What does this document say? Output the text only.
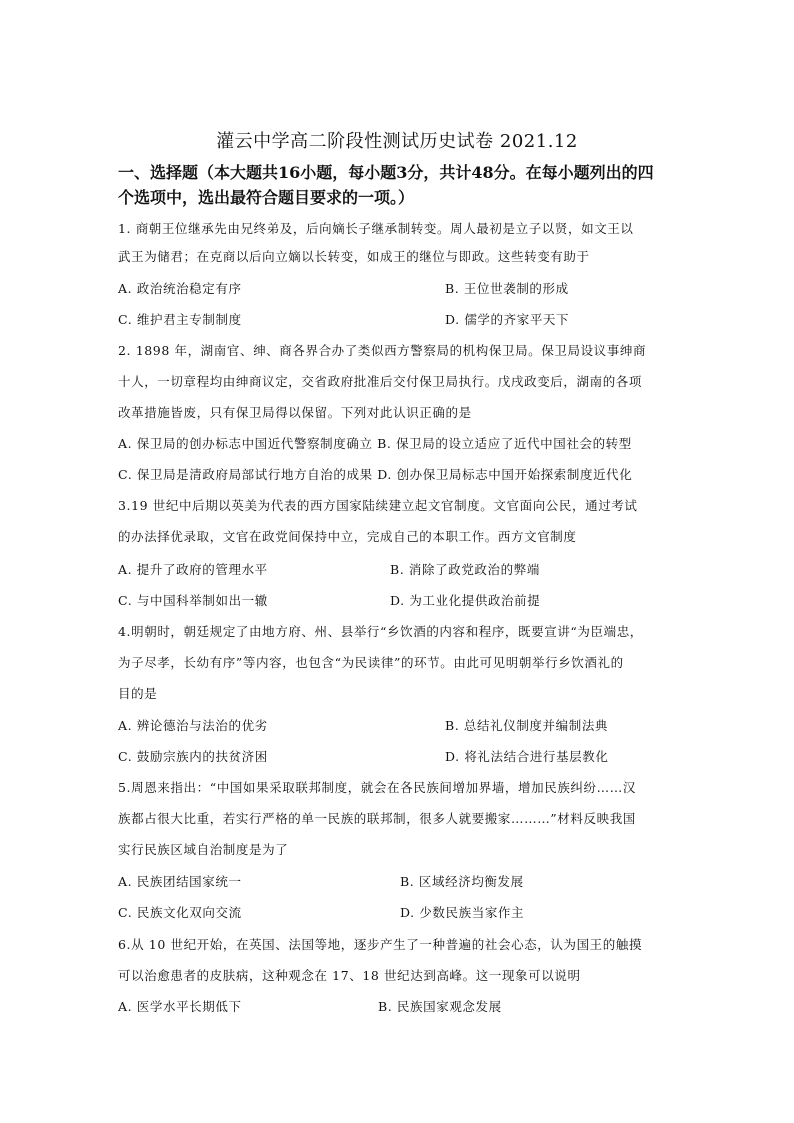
灌云中学高二阶段性测试历史试卷 2021.12
一、选择题（本大题共16小题，每小题3分，共计48分。在每小题列出的四
个选项中，选出最符合题目要求的一项。）
1. 商朝王位继承先由兄终弟及，后向嫡长子继承制转变。周人最初是立子以贤，如文王以
武王为储君；在克商以后向立嫡以长转变，如成王的继位与即政。这些转变有助于
A. 政治统治稳定有序	B. 王位世袭制的形成
C. 维护君主专制制度	D. 儒学的齐家平天下
2. 1898 年，湖南官、绅、商各界合办了类似西方警察局的机构保卫局。保卫局设议事绅商
十人，一切章程均由绅商议定，交省政府批准后交付保卫局执行。戊戌政变后，湖南的各项
改革措施皆废，只有保卫局得以保留。下列对此认识正确的是
A. 保卫局的创办标志中国近代警察制度确立 B. 保卫局的设立适应了近代中国社会的转型
C. 保卫局是清政府局部试行地方自治的成果 D. 创办保卫局标志中国开始探索制度近代化
3.19 世纪中后期以英美为代表的西方国家陆续建立起文官制度。文官面向公民，通过考试
的办法择优录取，文官在政党间保持中立，完成自己的本职工作。西方文官制度
A. 提升了政府的管理水平	B. 消除了政党政治的弊端
C. 与中国科举制如出一辙	D. 为工业化提供政治前提
4.明朝时，朝廷规定了由地方府、州、县举行“乡饮酒的内容和程序，既要宣讲“为臣端忠，
为子尽孝，长幼有序”等内容，也包含“为民读律”的环节。由此可见明朝举行乡饮酒礼的
目的是
A. 辨论德治与法治的优劣	B. 总结礼仪制度并编制法典
C. 鼓励宗族内的扶贫济困	D. 将礼法结合进行基层教化
5.周恩来指出：“中国如果采取联邦制度，就会在各民族间增加界墙，增加民族纠纷……汉
族都占很大比重，若实行严格的单一民族的联邦制，很多人就要搬家………”材料反映我国
实行民族区域自治制度是为了
A. 民族团结国家统一	B. 区域经济均衡发展
C. 民族文化双向交流	D. 少数民族当家作主
6.从 10 世纪开始，在英国、法国等地，逐步产生了一种普遍的社会心态，认为国王的触摸
可以治愈患者的皮肤病，这种观念在 17、18 世纪达到高峰。这一现象可以说明
A. 医学水平长期低下	B. 民族国家观念发展
